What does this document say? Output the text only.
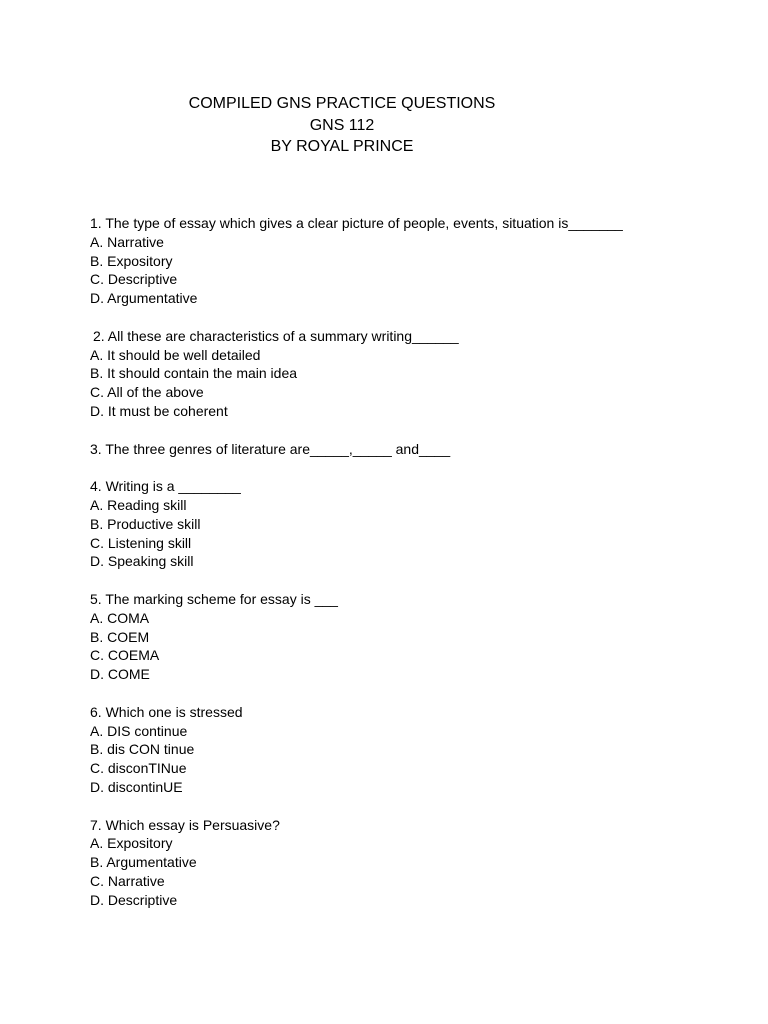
COMPILED GNS PRACTICE QUESTIONS
GNS 112
BY ROYAL PRINCE
1. The type of essay which gives a clear picture of people, events, situation is_______
A. Narrative
B. Expository
C. Descriptive
D. Argumentative
2. All these are characteristics of a summary writing______
A. It should be well detailed
B. It should contain the main idea
C. All of the above
D. It must be coherent
3. The three genres of literature are_____,_____ and____
4. Writing is a ________
A. Reading skill
B. Productive skill
C. Listening skill
D. Speaking skill
5. The marking scheme for essay is ___
A. COMA
B. COEM
C. COEMA
D. COME
6. Which one is stressed
A. DIS continue
B. dis CON tinue
C. disconTINue
D. discontinUE
7. Which essay is Persuasive?
A. Expository
B. Argumentative
C. Narrative
D. Descriptive
